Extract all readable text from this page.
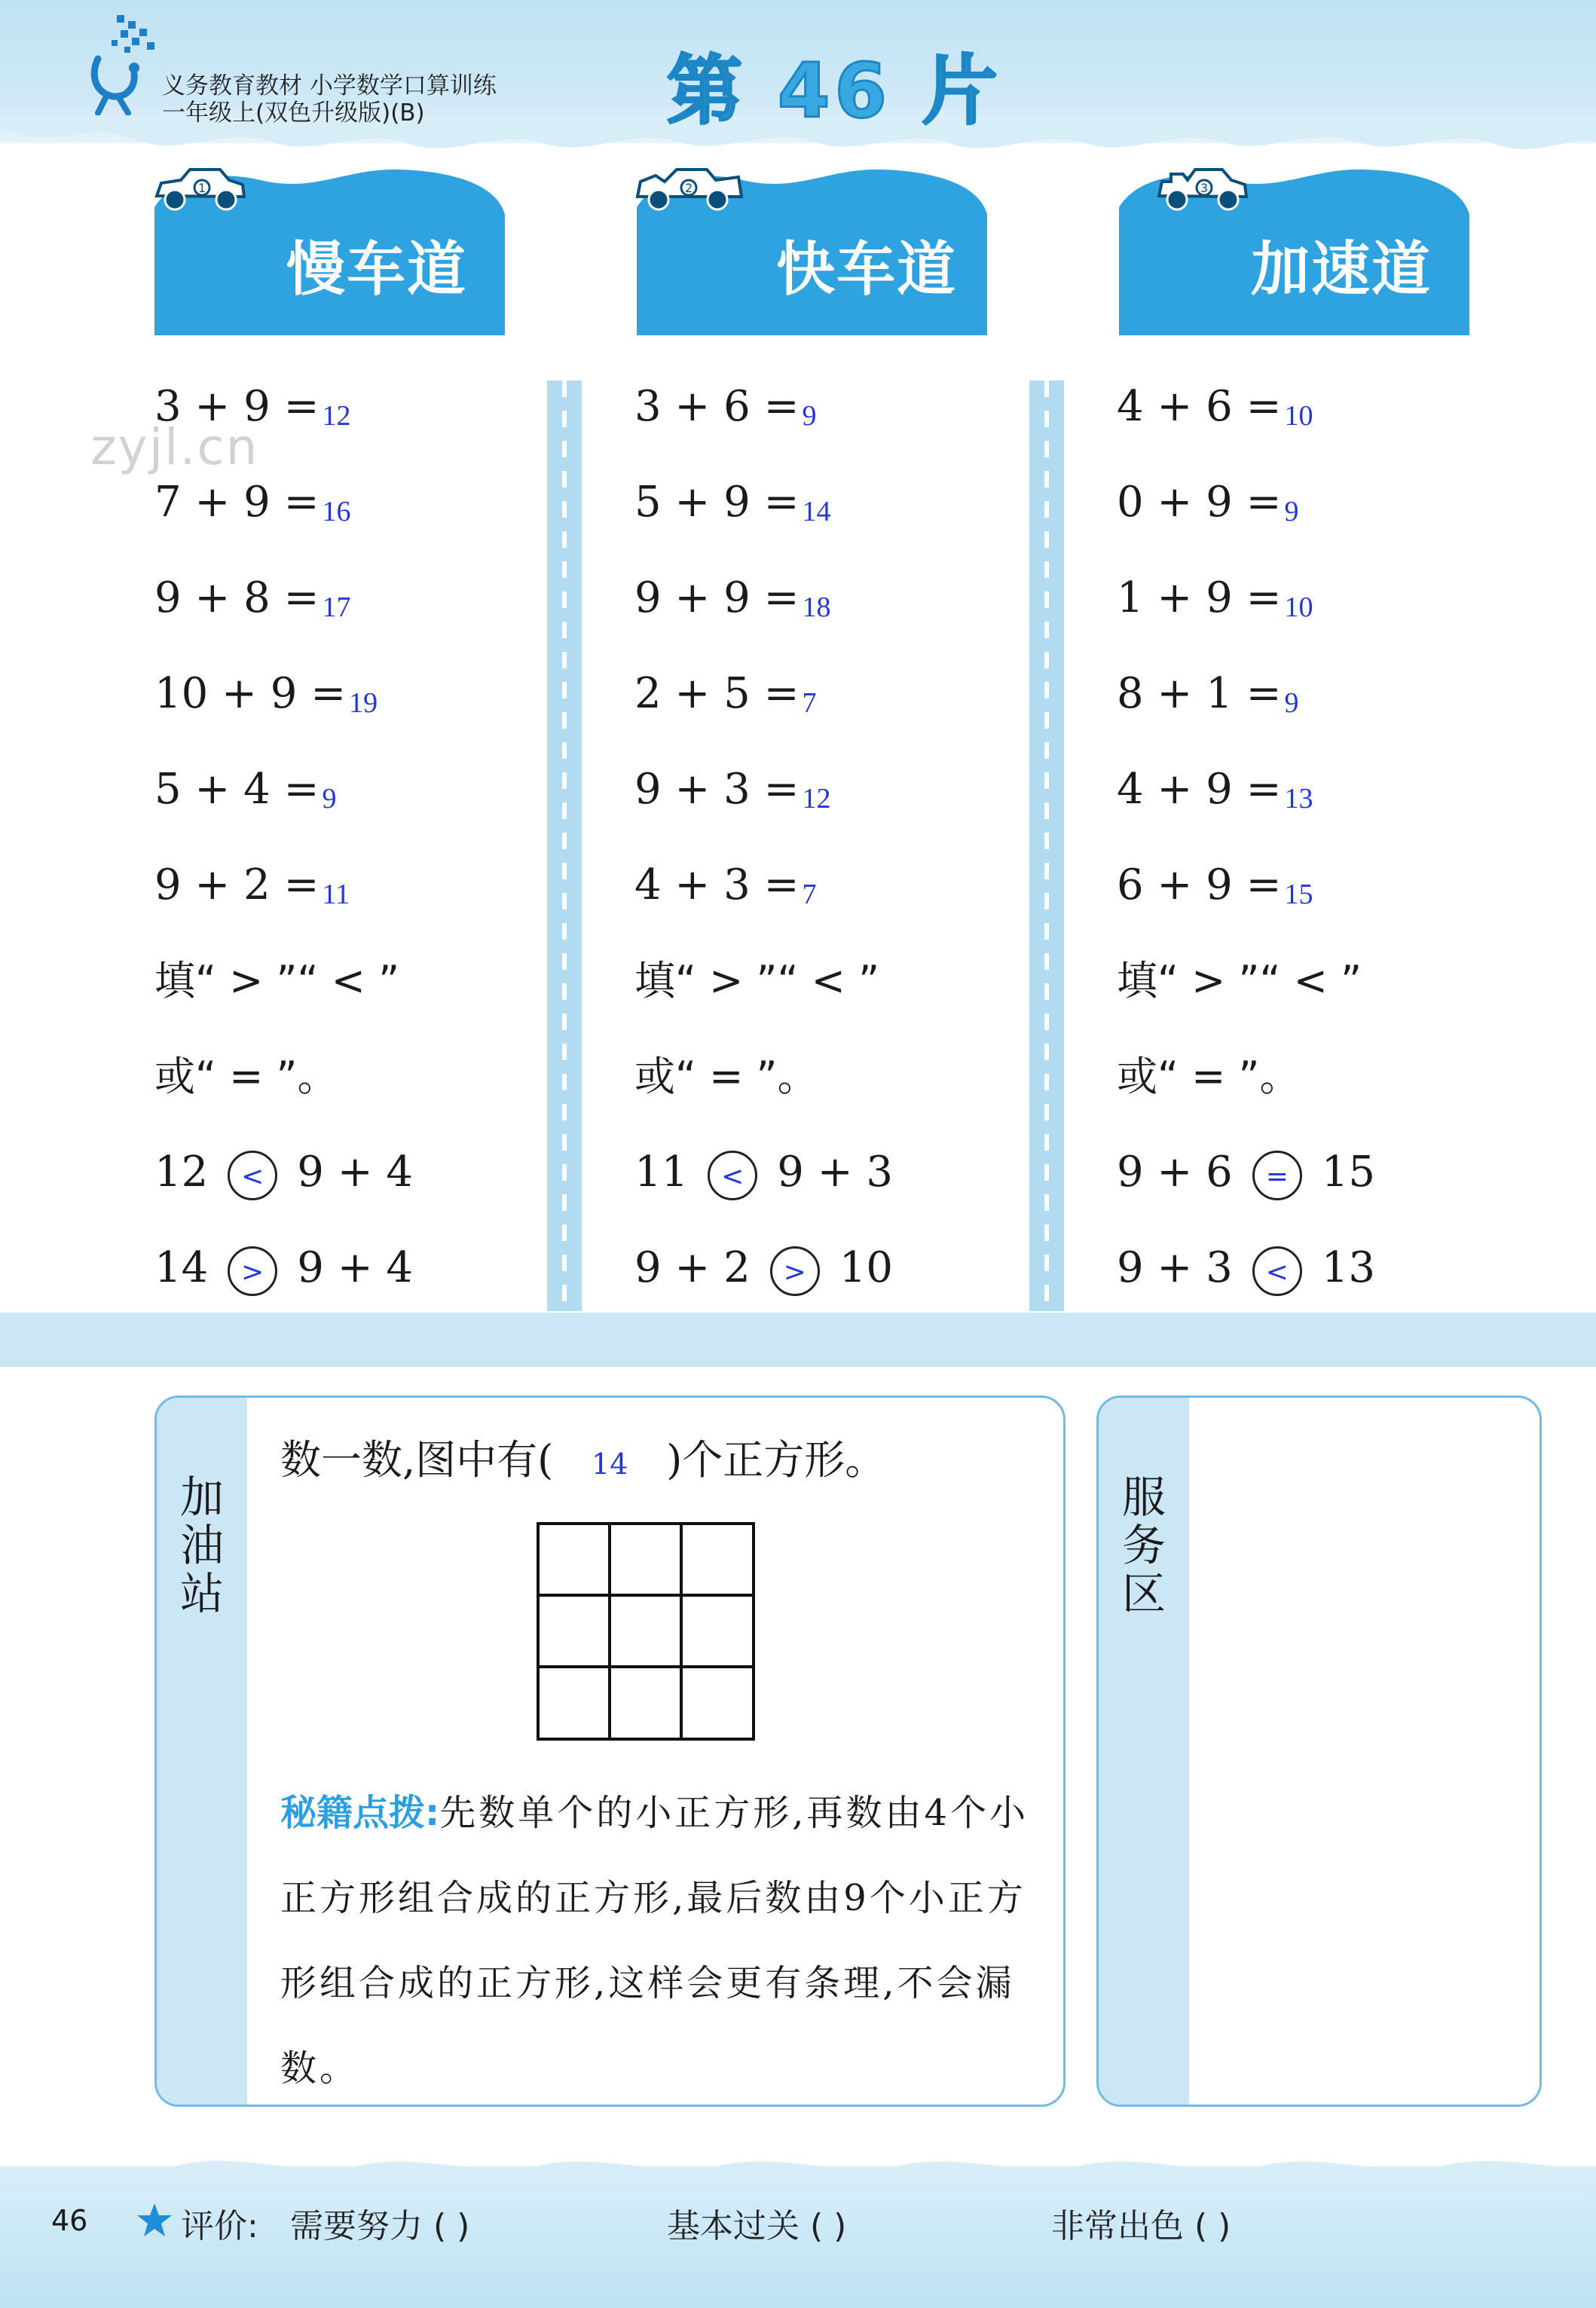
义务教育教材 小学数学口算训练
一年级上(双色升级版)(B)	第 46 片
1
慢车道
2
快车道
3
加速道
zyjl.cn
3 + 9 = 12
7 + 9 = 16
9 + 8 = 17
10 + 9 = 19
5 + 4 = 9
9 + 2 = 11
填“ > ”“ < ”
或“ = ”。
12 < 9 + 4
14 > 9 + 4
3 + 6 = 9
5 + 9 = 14
9 + 9 = 18
2 + 5 = 7
9 + 3 = 12
4 + 3 = 7
填“ > ”“ < ”
或“ = ”。
11 < 9 + 3
9 + 2 > 10
4 + 6 = 10
0 + 9 = 9
1 + 9 = 10
8 + 1 = 9
4 + 9 = 13
6 + 9 = 15
填“ > ”“ < ”
或“ = ”。
9 + 6 = 15
9 + 3 < 13
加油站
数一数,图中有( 14 )个正方形。
秘籍点拨:先数单个的小正方形,再数由4个小正方形组合成的正方形,最后数由9个小正方形组合成的正方形,这样会更有条理,不会漏数。
服务区
46	评价: 需要努力 ( )	基本过关 ( )	非常出色 ( )
